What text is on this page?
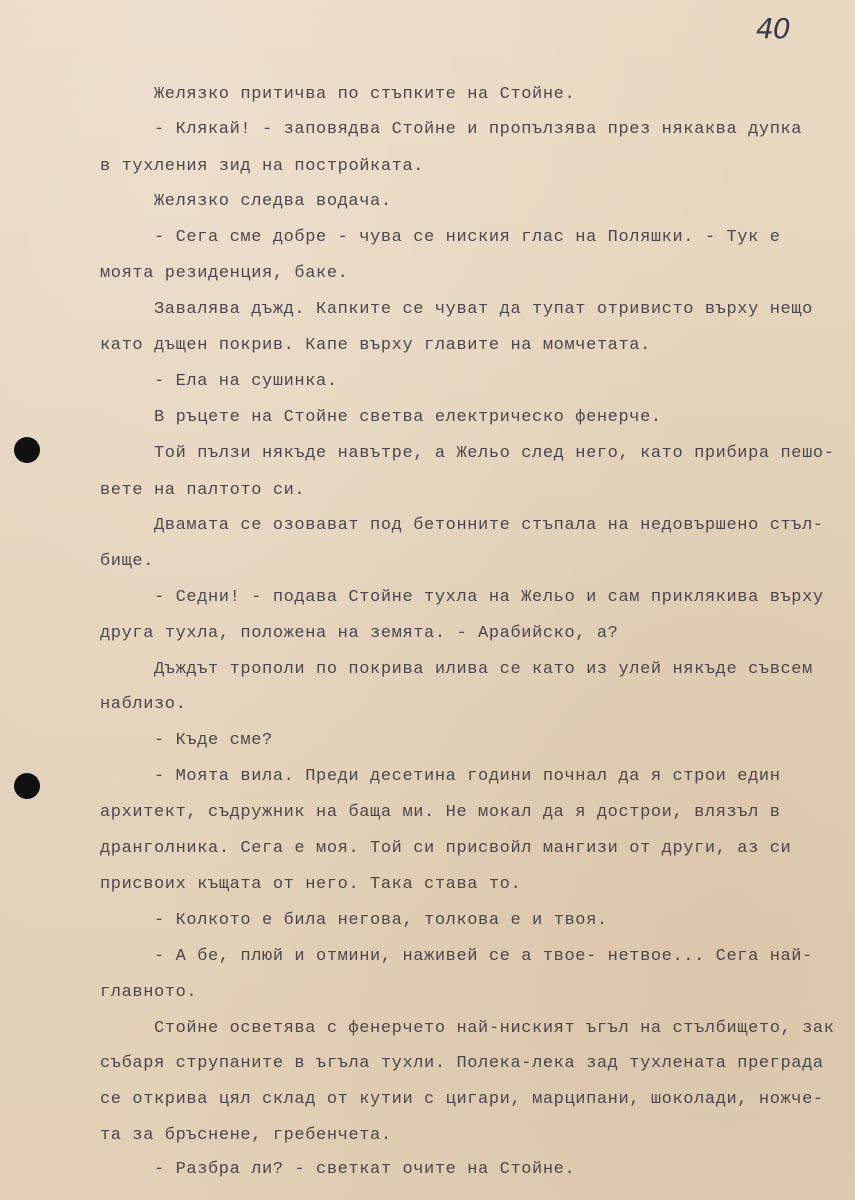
40
Желязко притичва по стъпките на Стойне.
- Клякай! - заповядва Стойне и пропълзява през някаква дупка
в тухления зид на постройката.
Желязко следва водача.
- Сега сме добре - чува се ниския глас на Поляшки. - Тук е
моята резиденция, баке.
Завалява дъжд. Капките се чуват да тупат отривисто върху нещо
като дъщен покрив. Капе върху главите на момчетата.
- Ела на сушинка.
В ръцете на Стойне светва електрическо фенерче.
Той пълзи някъде навътре, а Жельо след него, като прибира пешо-
вете на палтото си.
Двамата се озовават под бетонните стъпала на недовършено стъл-
бище.
- Седни! - подава Стойне тухла на Жельо и сам приклякива върху
друга тухла, положена на земята. - Арабийско, а?
Дъждът трополи по покрива илива се като из улей някъде съвсем
наблизо.
- Къде сме?
- Моята вила. Преди десетина години почнал да я строи един
архитект, съдружник на баща ми. Не мокал да я дострои, влязъл в
дранголника. Сега е моя. Той си присвойл мангизи от други, аз си
присвоих къщата от него. Така става то.
- Колкото е била негова, толкова е и твоя.
- А бе, плюй и отмини, наживей се а твое- нетвое... Сега най-
главното.
Стойне осветява с фенерчето най-ниският ъгъл на стълбището, зак
събаря струпаните в ъгъла тухли. Полека-лека зад тухлената преграда
се открива цял склад от кутии с цигари, марципани, шоколади, ножче-
та за бръснене, гребенчета.
- Разбра ли? - светкат очите на Стойне.
